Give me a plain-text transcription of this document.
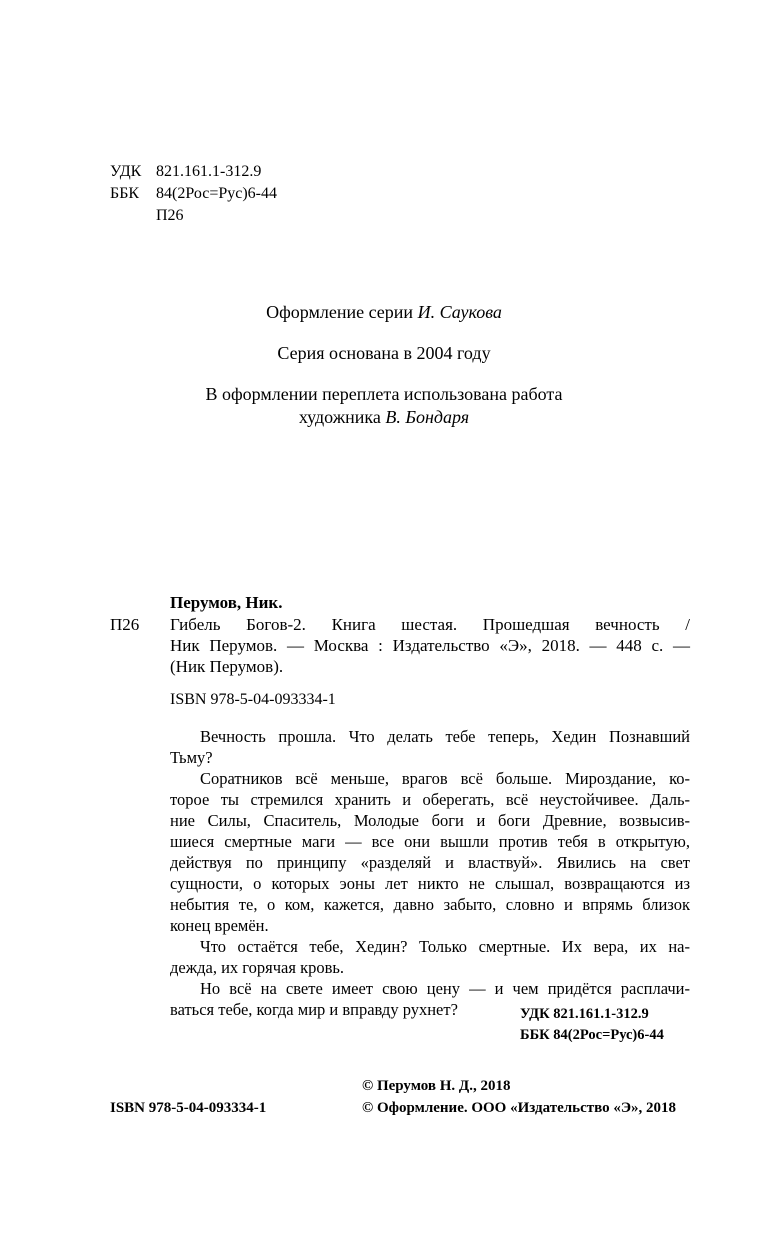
УДК 821.161.1-312.9
ББК 84(2Рос=Рус)6-44
П26
Оформление серии И. Саукова
Серия основана в 2004 году
В оформлении переплета использована работа
художника В. Бондаря
Перумов, Ник.
П26 Гибель Богов-2. Книга шестая. Прошедшая вечность /
Ник Перумов. — Москва : Издательство «Э», 2018. — 448 с. —
(Ник Перумов).
ISBN 978-5-04-093334-1
Вечность прошла. Что делать тебе теперь, Хедин Познавший
Тьму?
Соратников всё меньше, врагов всё больше. Мироздание, ко-
торое ты стремился хранить и оберегать, всё неустойчивее. Даль-
ние Силы, Спаситель, Молодые боги и боги Древние, возвысив-
шиеся смертные маги — все они вышли против тебя в открытую,
действуя по принципу «разделяй и властвуй». Явились на свет
сущности, о которых эоны лет никто не слышал, возвращаются из
небытия те, о ком, кажется, давно забыто, словно и впрямь близок
конец времён.
Что остаётся тебе, Хедин? Только смертные. Их вера, их на-
дежда, их горячая кровь.
Но всё на свете имеет свою цену — и чем придётся расплачи-
ваться тебе, когда мир и вправду рухнет?	УДК 821.161.1-312.9
ББК 84(2Рос=Рус)6-44
© Перумов Н. Д., 2018
ISBN 978-5-04-093334-1	© Оформление. ООО «Издательство «Э», 2018
